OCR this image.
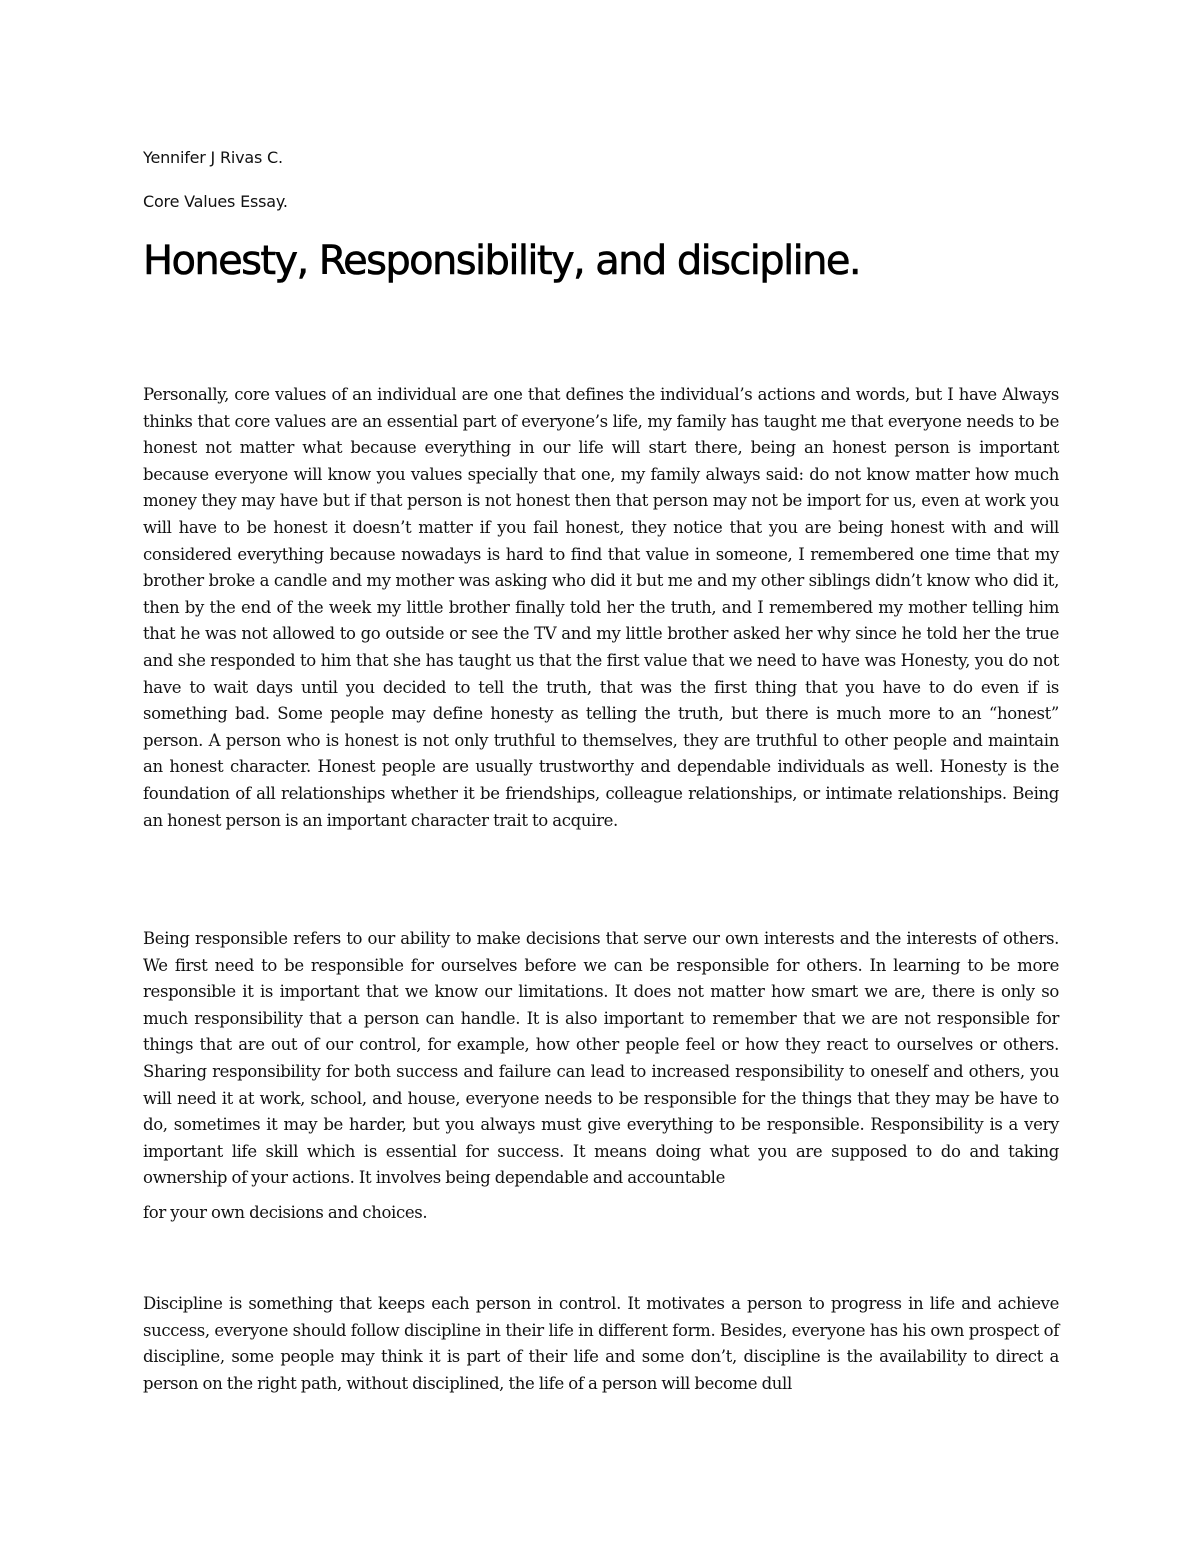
Yennifer J Rivas C.
Core Values Essay.
Honesty, Responsibility, and discipline.

Personally, core values of an individual are one that defines the individual’s actions and words, but I have Always thinks that core values are an essential part of everyone’s life, my family has taught me that everyone needs to be honest not matter what because everything in our life will start there, being an honest person is important because everyone will know you values specially that one, my family always said: do not know matter how much money they may have but if that person is not honest then that person may not be import for us, even at work you will have to be honest it doesn’t matter if you fail honest, they notice that you are being honest with and will considered everything because nowadays is hard to find that value in someone, I remembered one time that my brother broke a candle and my mother was asking who did it but me and my other siblings didn’t know who did it, then by the end of the week my little brother finally told her the truth, and I remembered my mother telling him that he was not allowed to go outside or see the TV and my little brother asked her why since he told her the true and she responded to him that she has taught us that the first value that we need to have was Honesty, you do not have to wait days until you decided to tell the truth, that was the first thing that you have to do even if is something bad. Some people may define honesty as telling the truth, but there is much more to an “honest” person. A person who is honest is not only truthful to themselves, they are truthful to other people and maintain an honest character. Honest people are usually trustworthy and dependable individuals as well. Honesty is the foundation of all relationships whether it be friendships, colleague relationships, or intimate relationships. Being an honest person is an important character trait to acquire.

Being responsible refers to our ability to make decisions that serve our own interests and the interests of others. We first need to be responsible for ourselves before we can be responsible for others. In learning to be more responsible it is important that we know our limitations. It does not matter how smart we are, there is only so much responsibility that a person can handle. It is also important to remember that we are not responsible for things that are out of our control, for example, how other people feel or how they react to ourselves or others. Sharing responsibility for both success and failure can lead to increased responsibility to oneself and others, you will need it at work, school, and house, everyone needs to be responsible for the things that they may be have to do, sometimes it may be harder, but you always must give everything to be responsible. Responsibility is a very important life skill which is essential for success. It means doing what you are supposed to do and taking ownership of your actions. It involves being dependable and accountable
for your own decisions and choices.

Discipline is something that keeps each person in control. It motivates a person to progress in life and achieve success, everyone should follow discipline in their life in different form. Besides, everyone has his own prospect of discipline, some people may think it is part of their life and some don’t, discipline is the availability to direct a person on the right path, without disciplined, the life of a person will become dull
